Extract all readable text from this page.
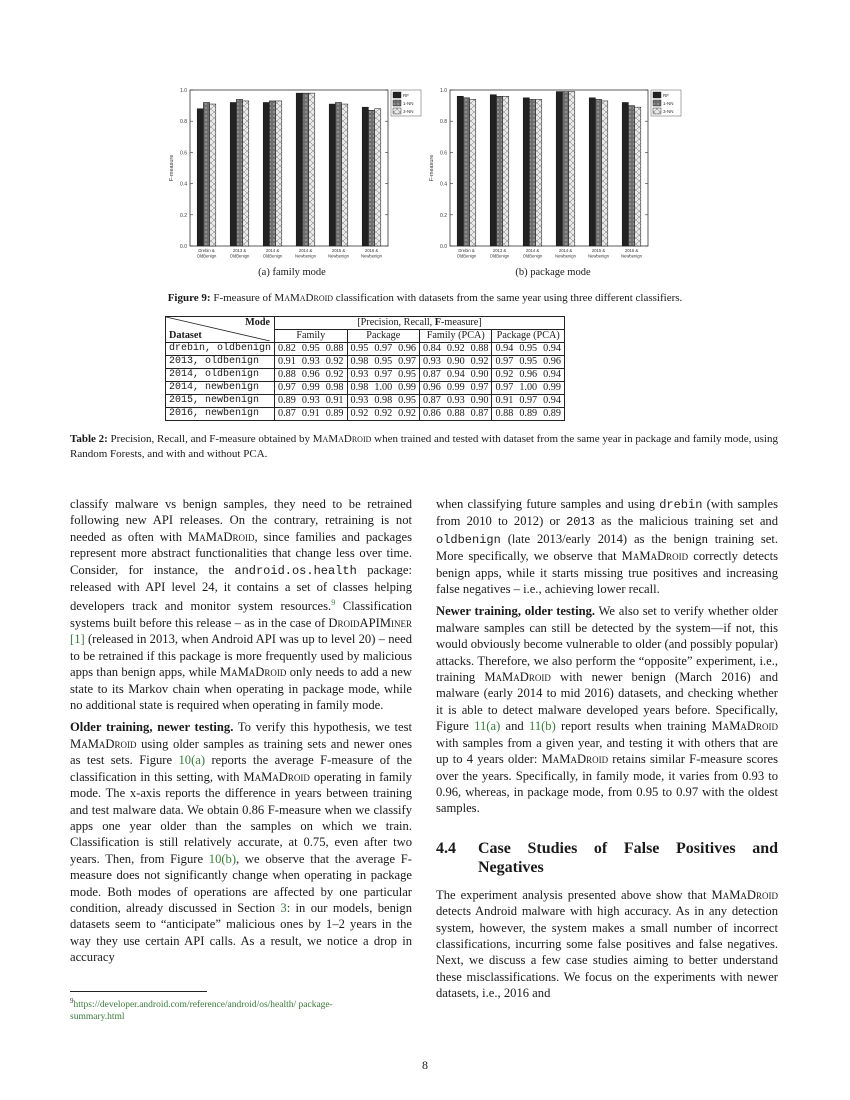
0.0
0.2
0.4
0.6
0.8
1.0
F-measure
Drebin &
OldBenign
2013 &
OldBenign
2014 &
OldBenign
2014 &
Newbenign
2015 &
Newbenign
2016 &
Newbenign
RF
1-NN
3-NN
0.0
0.2
0.4
0.6
0.8
1.0
F-measure
Drebin &
OldBenign
2013 &
OldBenign
2014 &
OldBenign
2014 &
Newbenign
2015 &
Newbenign
2016 &
Newbenign
RF
1-NN
3-NN
(a) family mode	(b) package mode
Figure 9: F-measure of MaMaDroid classification with datasets from the same year using three different classifiers.
Mode
Dataset	[Precision, Recall, F-measure]											
	Family			Package			Family (PCA)			Package (PCA)		
drebin, oldbenign	0.82	0.95	0.88	0.95	0.97	0.96	0.84	0.92	0.88	0.94	0.95	0.94
2013, oldbenign	0.91	0.93	0.92	0.98	0.95	0.97	0.93	0.90	0.92	0.97	0.95	0.96
2014, oldbenign	0.88	0.96	0.92	0.93	0.97	0.95	0.87	0.94	0.90	0.92	0.96	0.94
2014, newbenign	0.97	0.99	0.98	0.98	1.00	0.99	0.96	0.99	0.97	0.97	1.00	0.99
2015, newbenign	0.89	0.93	0.91	0.93	0.98	0.95	0.87	0.93	0.90	0.91	0.97	0.94
2016, newbenign	0.87	0.91	0.89	0.92	0.92	0.92	0.86	0.88	0.87	0.88	0.89	0.89
Table 2: Precision, Recall, and F-measure obtained by MaMaDroid when trained and tested with dataset from the same year in package and family mode, using Random Forests, and with and without PCA.

classify malware vs benign samples, they need to be retrained following new API releases. On the contrary, retraining is not needed as often with MaMaDroid, since families and packages represent more abstract functionalities that change less over time. Consider, for instance, the android.os.health package: released with API level 24, it contains a set of classes helping developers track and monitor system resources.$^9$ Classification systems built before this release – as in the case of DroidAPIMiner [1] (released in 2013, when Android API was up to level 20) – need to be retrained if this package is more frequently used by malicious apps than benign apps, while MaMaDroid only needs to add a new state to its Markov chain when operating in package mode, while no additional state is required when operating in family mode.

Older training, newer testing. To verify this hypothesis, we test MaMaDroid using older samples as training sets and newer ones as test sets. Figure 10(a) reports the average F-measure of the classification in this setting, with MaMaDroid operating in family mode. The x-axis reports the difference in years between training and test malware data. We obtain 0.86 F-measure when we classify apps one year older than the samples on which we train. Classification is still relatively accurate, at 0.75, even after two years. Then, from Figure 10(b), we observe that the average F-measure does not significantly change when operating in package mode. Both modes of operations are affected by one particular condition, already discussed in Section 3: in our models, benign datasets seem to “anticipate” malicious ones by 1–2 years in the way they use certain API calls. As a result, we notice a drop in accuracy

$^9$https://developer.android.com/reference/android/os/health/ package-summary.html

when classifying future samples and using drebin (with samples from 2010 to 2012) or 2013 as the malicious training set and oldbenign (late 2013/early 2014) as the benign training set. More specifically, we observe that MaMaDroid correctly detects benign apps, while it starts missing true positives and increasing false negatives – i.e., achieving lower recall.

Newer training, older testing. We also set to verify whether older malware samples can still be detected by the system—if not, this would obviously become vulnerable to older (and possibly popular) attacks. Therefore, we also perform the “opposite” experiment, i.e., training MaMaDroid with newer benign (March 2016) and malware (early 2014 to mid 2016) datasets, and checking whether it is able to detect malware developed years before. Specifically, Figure 11(a) and 11(b) report results when training MaMaDroid with samples from a given year, and testing it with others that are up to 4 years older: MaMaDroid retains similar F-measure scores over the years. Specifically, in family mode, it varies from 0.93 to 0.96, whereas, in package mode, from 0.95 to 0.97 with the oldest samples.

4.4	Case Studies of False Positives and Negatives

The experiment analysis presented above show that MaMaDroid detects Android malware with high accuracy. As in any detection system, however, the system makes a small number of incorrect classifications, incurring some false positives and false negatives. Next, we discuss a few case studies aiming to better understand these misclassifications. We focus on the experiments with newer datasets, i.e., 2016 and

8
